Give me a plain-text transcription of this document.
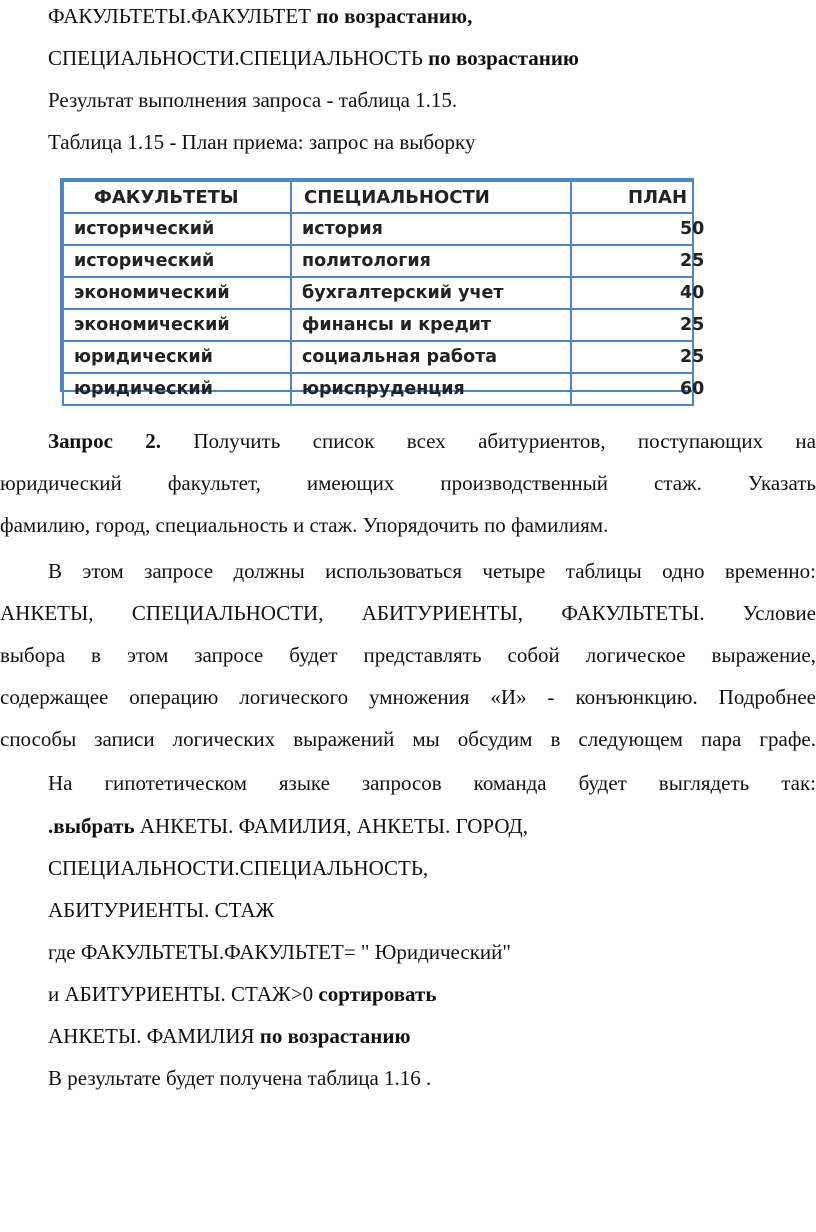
ФАКУЛЬТЕТЫ.ФАКУЛЬТЕТ по возрастанию,
СПЕЦИАЛЬНОСТИ.СПЕЦИАЛЬНОСТЬ по возрастанию
Результат выполнения запроса - таблица 1.15.
Таблица 1.15 - План приема: запрос на выборку
ФАКУЛЬТЕТЫ	СПЕЦИАЛЬНОСТИ	ПЛАН
исторический	история	50
исторический	политология	25
экономический	бухгалтерский учет	40
экономический	финансы и кредит	25
юридический	социальная работа	25
юридический	юриспруденция	60
Запрос 2. Получить список всех абитуриентов, поступающих на
юридический факультет, имеющих производственный стаж. Указать
фамилию, город, специальность и стаж. Упорядочить по фамилиям.
В этом запросе должны использоваться четыре таблицы одно временно:
АНКЕТЫ, СПЕЦИАЛЬНОСТИ, АБИТУРИЕНТЫ, ФАКУЛЬТЕТЫ. Условие
выбора в этом запросе будет представлять собой логическое выражение,
содержащее операцию логического умножения «И» - конъюнкцию. Подробнее
способы записи логических выражений мы обсудим в следующем пара графе.
На гипотетическом языке запросов команда будет выглядеть так:
.выбрать АНКЕТЫ. ФАМИЛИЯ, АНКЕТЫ. ГОРОД,
СПЕЦИАЛЬНОСТИ.СПЕЦИАЛЬНОСТЬ,
АБИТУРИЕНТЫ. СТАЖ
где ФАКУЛЬТЕТЫ.ФАКУЛЬТЕТ= " Юридический"
и АБИТУРИЕНТЫ. СТАЖ>0 сортировать
АНКЕТЫ. ФАМИЛИЯ по возрастанию
В результате будет получена таблица 1.16 .
